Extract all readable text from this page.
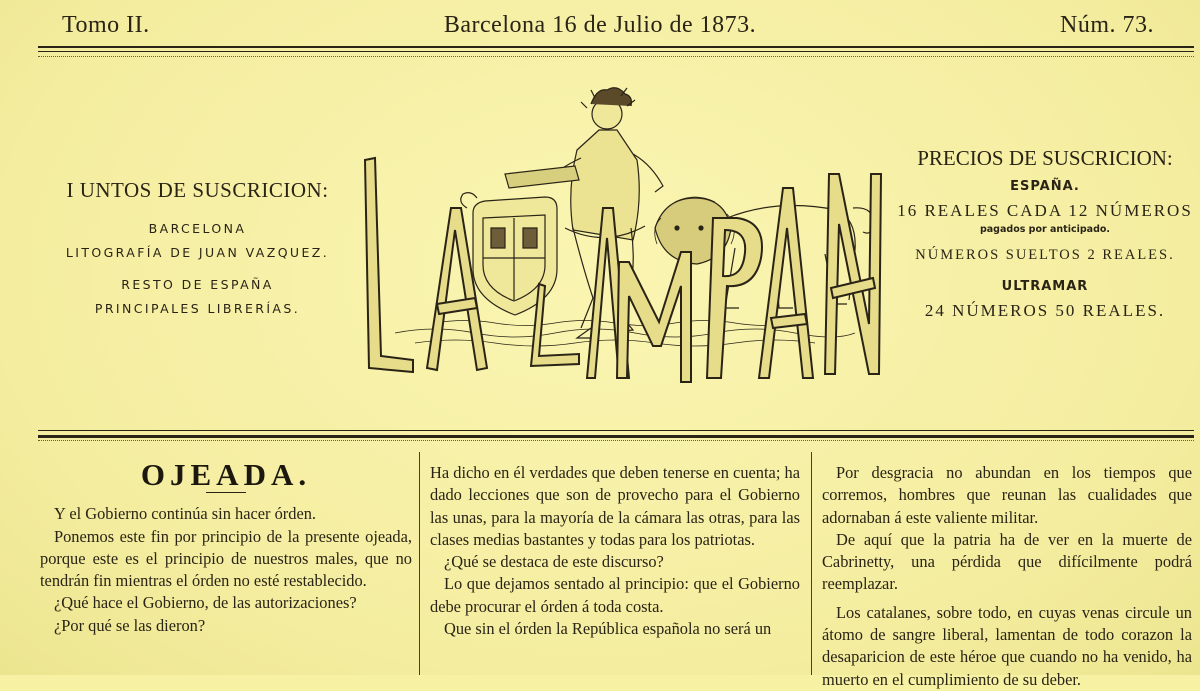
Tomo II.	Barcelona 16 de Julio de 1873.	Núm. 73.
I UNTOS DE SUSCRICION:
BARCELONA
LITOGRAFÍA DE JUAN VAZQUEZ.
RESTO DE ESPAÑA
PRINCIPALES LIBRERÍAS.
PRECIOS DE SUSCRICION:
ESPAÑA.
16 REALES CADA 12 NÚMEROS
pagados por anticipado.
NÚMEROS SUELTOS 2 REALES.
ULTRAMAR
24 NÚMEROS 50 REALES.
OJEADA.

Y el Gobierno continúa sin hacer órden.

Ponemos este fin por principio de la presente ojeada, porque este es el principio de nuestros males, que no tendrán fin mientras el órden no esté restablecido.

¿Qué hace el Gobierno, de las autorizaciones?

¿Por qué se las dieron?

Ha dicho en él verdades que deben tenerse en cuenta; ha dado lecciones que son de provecho para el Gobierno las unas, para la mayoría de la cámara las otras, para las clases medias bastantes y todas para los patriotas.

¿Qué se destaca de este discurso?

Lo que dejamos sentado al principio: que el Gobierno debe procurar el órden á toda costa.

Que sin el órden la República española no será un

Por desgracia no abundan en los tiempos que corremos, hombres que reunan las cualidades que adornaban á este valiente militar.

De aquí que la patria ha de ver en la muerte de Cabrinetty, una pérdida que difícilmente podrá reemplazar.

Los catalanes, sobre todo, en cuyas venas circule un átomo de sangre liberal, lamentan de todo corazon la desaparicion de este héroe que cuando no ha venido, ha muerto en el cumplimiento de su deber.
